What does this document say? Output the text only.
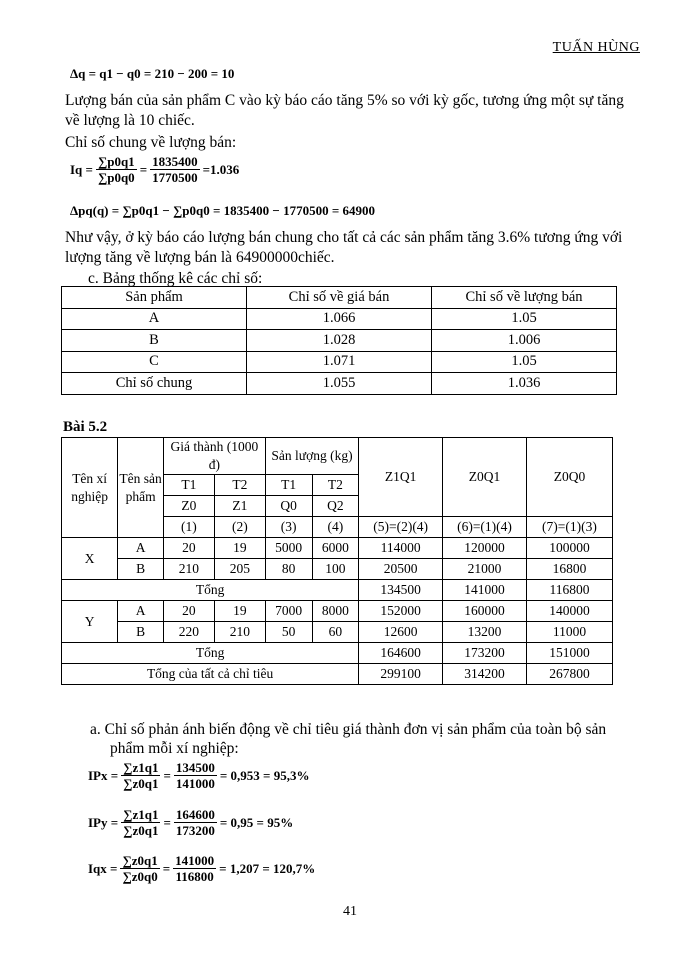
TUẤN HÙNG
Δq = q1 − q0 = 210 − 200 = 10
Lượng bán của sản phẩm C vào kỳ báo cáo tăng 5% so với kỳ gốc, tương ứng một sự tăng về lượng là 10 chiếc.
Chỉ số chung về lượng bán:
$Iq = \frac{\sum p0q1}{\sum p0q0} = \frac{1835400}{1770500} =1.036$
Δpq(q) = ∑p0q1 − ∑p0q0 = 1835400 − 1770500 = 64900
Như vậy, ở kỳ báo cáo lượng bán chung cho tất cả các sản phẩm tăng 3.6% tương ứng với lượng tăng về lượng bán là 64900000chiếc.
c. Bảng thống kê các chỉ số:
Sản phẩm	Chỉ số về giá bán	Chỉ số về lượng bán
A	1.066	1.05
B	1.028	1.006
C	1.071	1.05
Chỉ số chung	1.055	1.036
Bài 5.2
Tên xí nghiệp	Tên sản phẩm	Giá thành (1000 đ)		Sản lượng (kg)		Z1Q1	Z0Q1	Z0Q0
		T1	T2	T1	T2			
		Z0	Z1	Q0	Q2			
		(1)	(2)	(3)	(4)	(5)=(2)(4)	(6)=(1)(4)	(7)=(1)(3)
X	A	20	19	5000	6000	114000	120000	100000
	B	210	205	80	100	20500	21000	16800
Tổng						134500	141000	116800
Y	A	20	19	7000	8000	152000	160000	140000
	B	220	210	50	60	12600	13200	11000
Tổng						164600	173200	151000
Tổng của tất cả chỉ tiêu						299100	314200	267800
a. Chỉ số phản ánh biến động về chỉ tiêu giá thành đơn vị sản phẩm của toàn bộ sản phẩm mỗi xí nghiệp:
IPx = $\frac{\sum z1q1}{\sum z0q1} = \frac{134500}{141000} = 0,953 = 95,3\%$
IPy = $\frac{\sum z1q1}{\sum z0q1} = \frac{164600}{173200} = 0,95 = 95\%$
Iqx = $\frac{\sum z0q1}{\sum z0q0} = \frac{141000}{116800} = 1,207 = 120,7\%$
41
